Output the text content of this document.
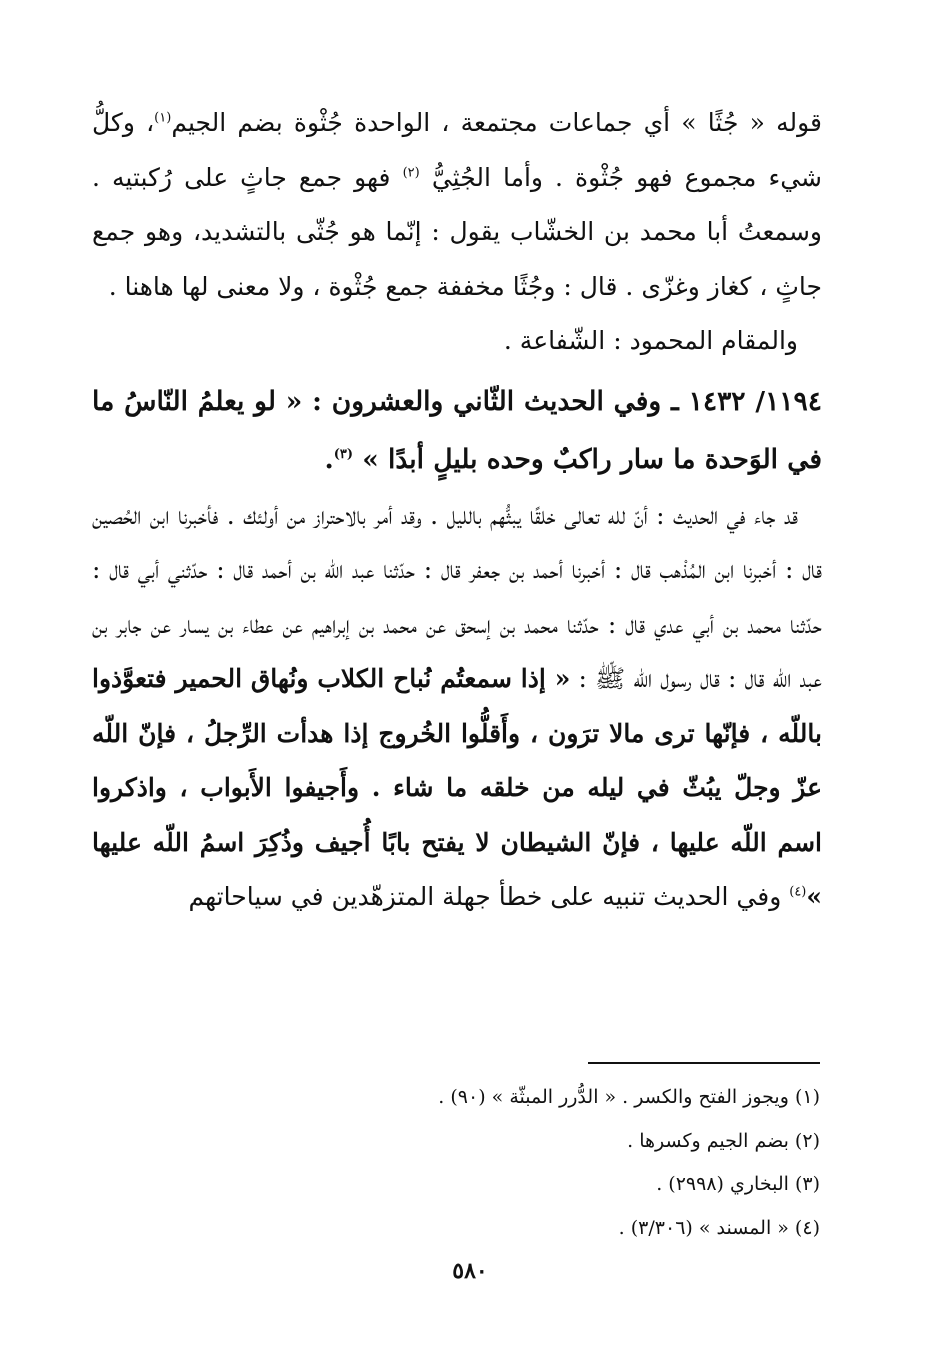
قوله « جُثًا » أي جماعات مجتمعة ، الواحدة جُثْوة بضم الجيم$^{(١)}$، وكلُّ شيء مجموع فهو جُثْوة . وأما الجُثِيُّ $^{(٢)}$ فهو جمع جاثٍ على رُكبتيه . وسمعتُ أبا محمد بن الخشّاب يقول : إنّما هو جُثّى بالتشديد، وهو جمع جاثٍ ، كغاز وغزّى . قال : وجُثًا مخففة جمع جُثْوة ، ولا معنى لها هاهنا .

والمقام المحمود : الشّفاعة .

١١٩٤/ ١٤٣٢ ـ وفي الحديث الثّاني والعشرون : « لو يعلمُ النّاسُ ما في الوَحدة ما سار راكبٌ وحده بليلٍ أبدًا » $^{(٣)}$.

قد جاء في الحديث : أنّ لله تعالى خلقًا يبثُّهم بالليل . وقد أمر بالاحتراز من أولئك . فأخبرنا ابن الحُصين قال : أخبرنا ابن المُذْهب قال : أخبرنا أحمد بن جعفر قال : حدّثنا عبد الله بن أحمد قال : حدّثني أبي قال : حدّثنا محمد بن أبي عدي قال : حدّثنا محمد بن إسحق عن محمد بن إبراهيم عن عطاء بن يسار عن جابر بن عبد الله قال : قال رسول الله ﷺ : « إذا سمعتُم نُباح الكلاب ونُهاق الحمير فتعوَّذوا باللّه ، فإنّها ترى مالا ترَون ، وأَقلُّوا الخُروج إذا هدأت الرِّجلُ ، فإنّ اللّه عزّ وجلّ يبُثّ في ليله من خلقه ما شاء . وأَجيفوا الأَبواب ، واذكروا اسم اللّه عليها ، فإنّ الشيطان لا يفتح بابًا أُجيف وذُكِرَ اسمُ اللّه عليها »$^{(٤)}$ وفي الحديث تنبيه على خطأ جهلة المتزهّدين في سياحاتهم

(١) ويجوز الفتح والكسر . « الدُّرر المبثّة » (٩٠) .

(٢) بضم الجيم وكسرها .

(٣) البخاري (٢٩٩٨) .

(٤) « المسند » (٣/٣٠٦) .

٥٨٠
